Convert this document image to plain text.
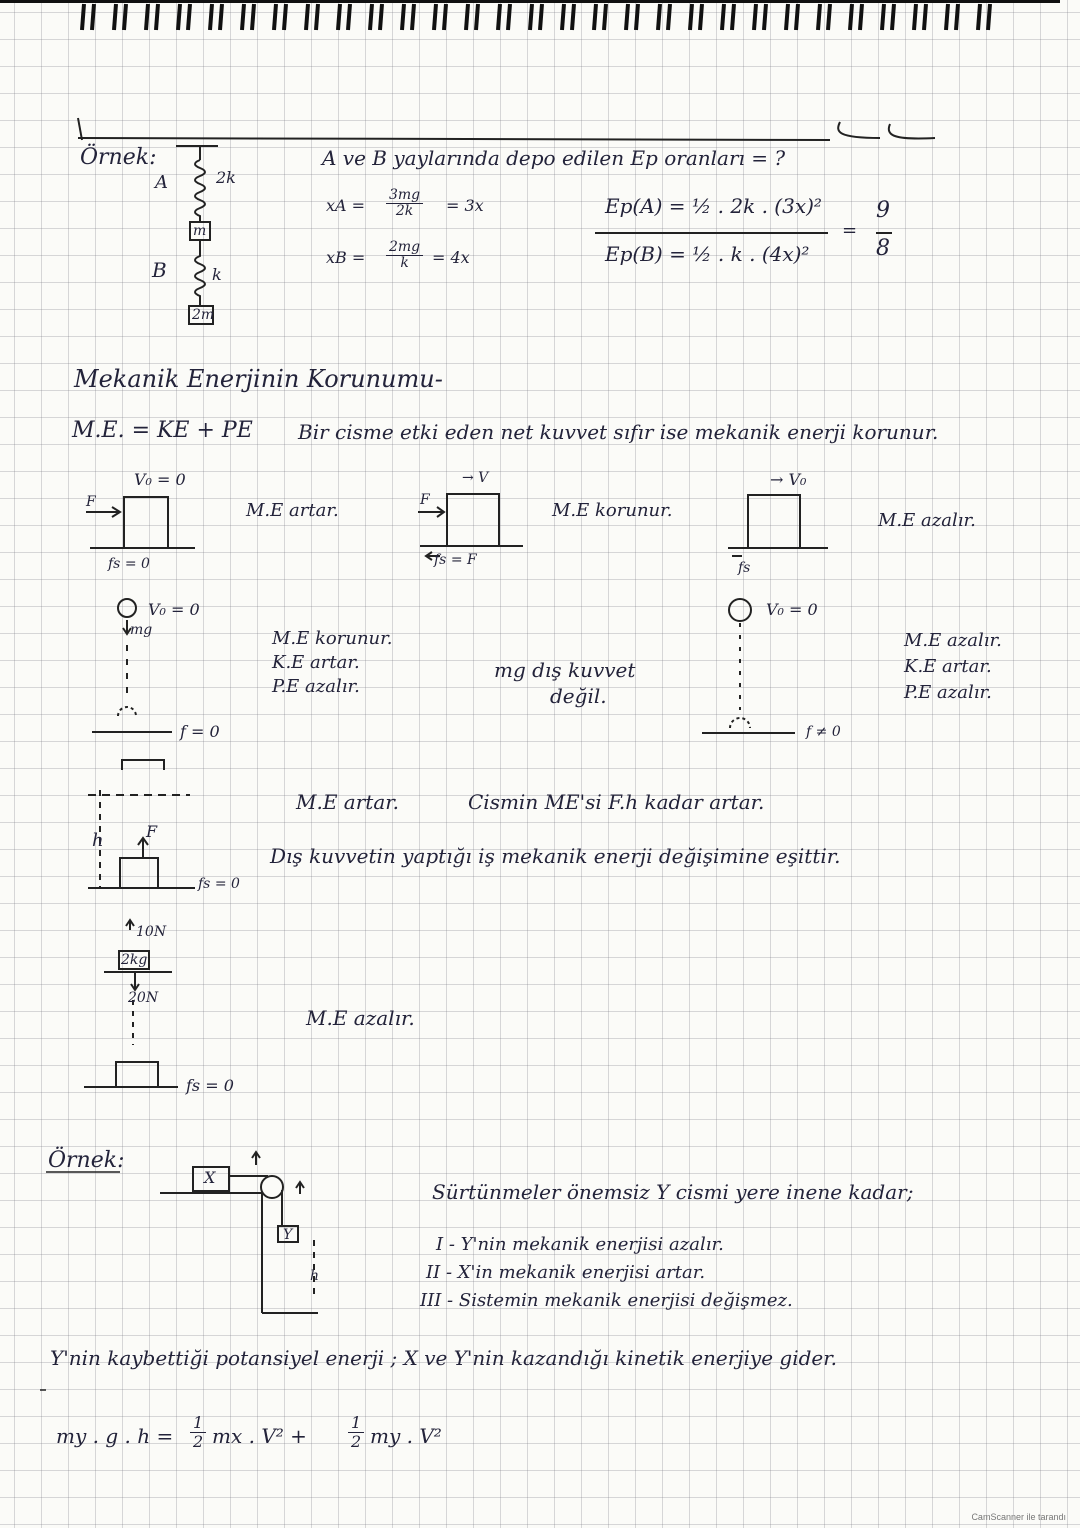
Örnek:
A	2k
m
B	k
2m
A ve B yaylarında depo edilen Ep oranları = ?
xA = $\frac{3mg}{2k} = 3x$
xB = $\frac{2mg}{k} = 4x$
Ep(A) = ½ . 2k . (3x)²
Ep(B) = ½ . k . (4x)²
=
9
8
Mekanik Enerjinin Korunumu-
M.E. = KE + PE Bir cisme etki eden net kuvvet sıfır ise mekanik enerji korunur.
V₀ = 0
F
fs = 0
M.E artar.
→ V
F
fs = F
M.E korunur.
→ V₀
fs
M.E azalır.
V₀ = 0
mg
f = 0
M.E korunur.
K.E artar.
P.E azalır.
mg dış kuvvet
değil.
V₀ = 0
f ≠ 0
M.E azalır.
K.E artar.
P.E azalır.
h	F
fs = 0
M.E artar.	Cismin ME'si F.h kadar artar.
Dış kuvvetin yaptığı iş mekanik enerji değişimine eşittir.
10N
2kg
20N
M.E azalır.
fs = 0
Örnek:
X
Y
h
Sürtünmeler önemsiz Y cismi yere inene kadar;
I - Y'nin mekanik enerjisi azalır.
II - X'in mekanik enerjisi artar.
III - Sistemin mekanik enerjisi değişmez.
Y'nin kaybettiği potansiyel enerji ; X ve Y'nin kazandığı kinetik enerjiye gider.
my . g . $h = \frac{1}{2}$ mx . V² +	$\frac{1}{2}$ my . V²
CamScanner ile tarandı
